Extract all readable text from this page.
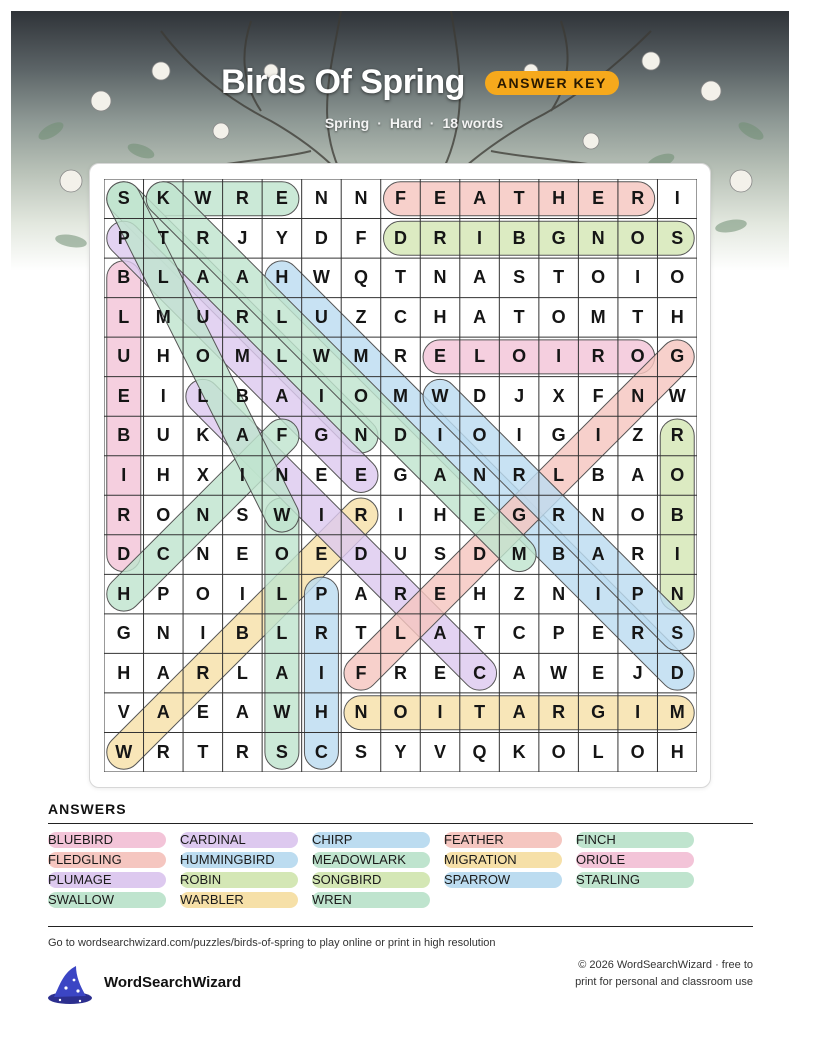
Birds Of Spring	ANSWER KEY
Spring · Hard · 18 words
S	K	W	R	E	N	N	F	E	A	T	H	E	R	I
P	T	R	J	Y	D	F	D	R	I	B	G	N	O	S
B	L	A	A	H	W	Q	T	N	A	S	T	O	I	O
L	M	U	R	L	U	Z	C	H	A	T	O	M	T	H
U	H	O	M	L	W	M	R	E	L	O	I	R	O	G
E	I	L	B	A	I	O	M	W	D	J	X	F	N	W
B	U	K	A	F	G	N	D	I	O	I	G	I	Z	R
I	H	X	I	N	E	E	G	A	N	R	L	B	A	O
R	O	N	S	W	I	R	I	H	E	G	R	N	O	B
D	C	N	E	O	E	D	U	S	D	M	B	A	R	I
H	P	O	I	L	P	A	R	E	H	Z	N	I	P	N
G	N	I	B	L	R	T	L	A	T	C	P	E	R	S
H	A	R	L	A	I	F	R	E	C	A	W	E	J	D
V	A	E	A	W	H	N	O	I	T	A	R	G	I	M
W	R	T	R	S	C	S	Y	V	Q	K	O	L	O	H
ANSWERS
BLUEBIRD	CARDINAL	CHIRP	FEATHER	FINCH
FLEDGLING	HUMMINGBIRD	MEADOWLARK	MIGRATION	ORIOLE
PLUMAGE	ROBIN	SONGBIRD	SPARROW	STARLING
SWALLOW	WARBLER	WREN
Go to wordsearchwizard.com/puzzles/birds-of-spring to play online or print in high resolution
WordSearchWizard
© 2026 WordSearchWizard · free to print for personal and classroom use
